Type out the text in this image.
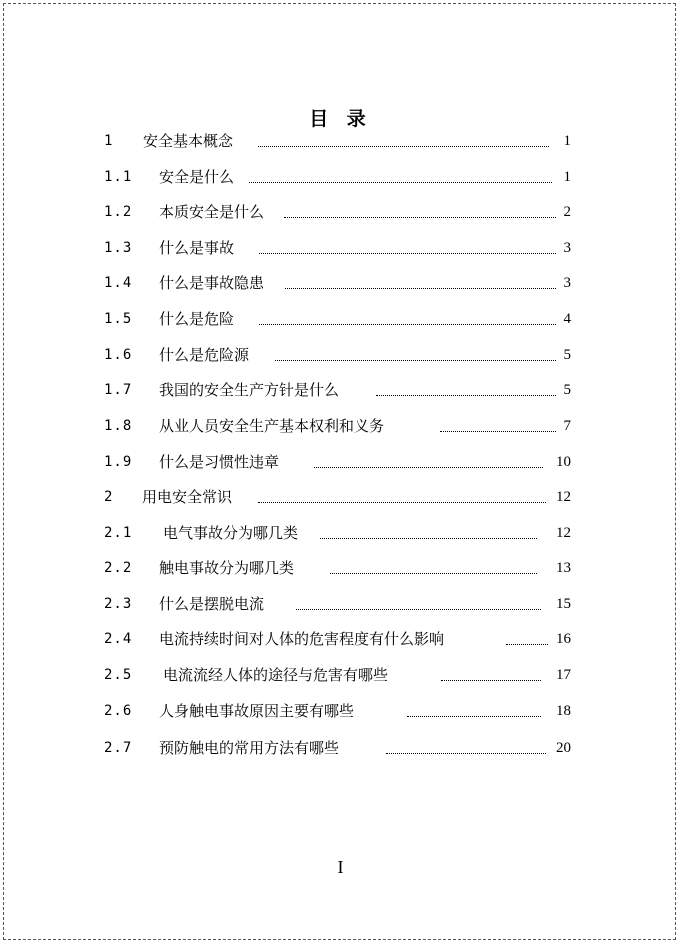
目 录
1 安全基本概念	1
1.1 安全是什么	1
1.2 本质安全是什么	2
1.3 什么是事故	3
1.4 什么是事故隐患	3
1.5 什么是危险	4
1.6 什么是危险源	5
1.7 我国的安全生产方针是什么	5
1.8 从业人员安全生产基本权利和义务	7
1.9 什么是习惯性违章	10
2 用电安全常识	12
2.1 电气事故分为哪几类	12
2.2 触电事故分为哪几类	13
2.3 什么是摆脱电流	15
2.4 电流持续时间对人体的危害程度有什么影响	16
2.5 电流流经人体的途径与危害有哪些	17
2.6 人身触电事故原因主要有哪些	18
2.7 预防触电的常用方法有哪些	20
I
